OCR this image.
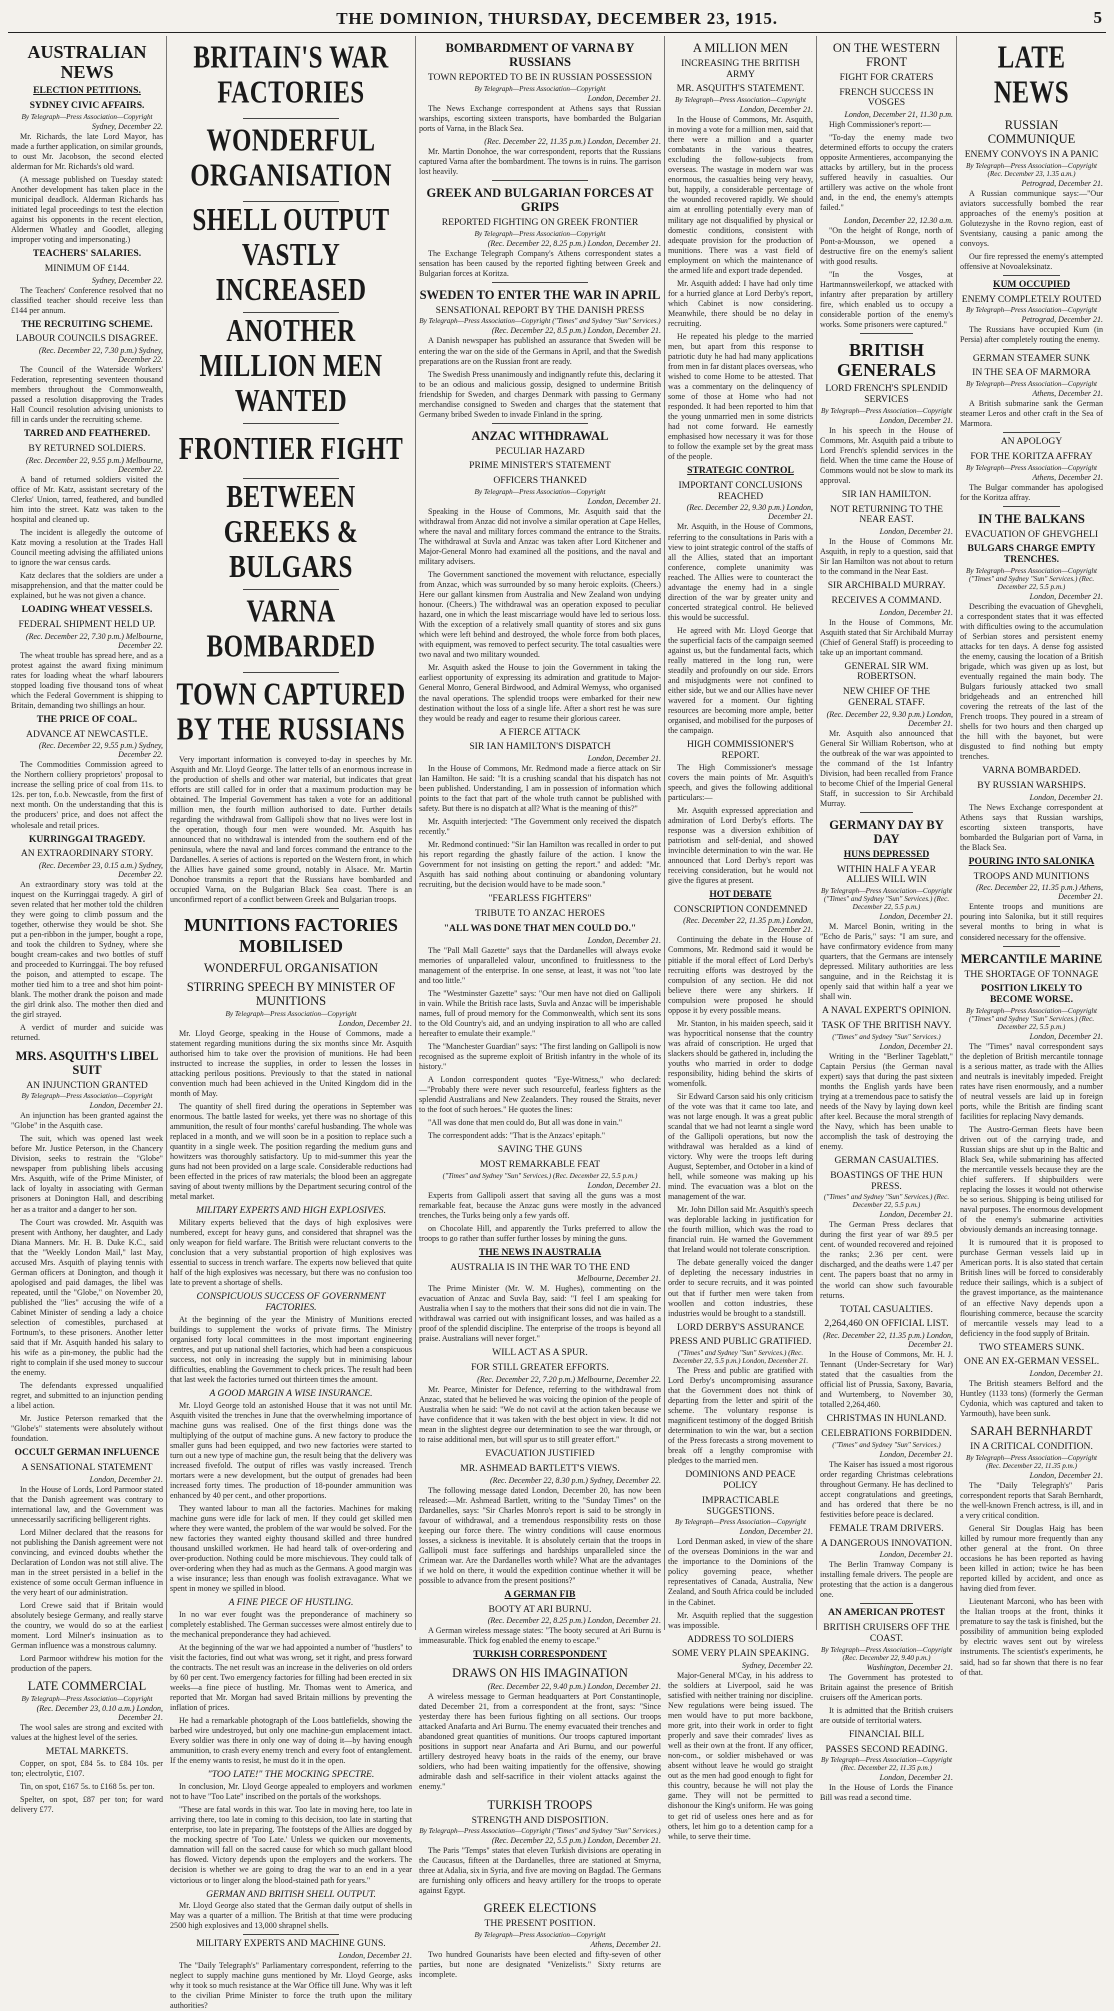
THE DOMINION, THURSDAY, DECEMBER 23, 1915.	5
AUSTRALIAN NEWS
ELECTION PETITIONS.
SYDNEY CIVIC AFFAIRS.
By Telegraph—Press Association—Copyright
Sydney, December 22.

Mr. Richards, the late Lord Mayor, has made a further application, on similar grounds, to oust Mr. Jacobson, the second elected alderman for Mr. Richards's old ward.

(A message published on Tuesday stated: Another development has taken place in the municipal deadlock. Alderman Richards has initiated legal proceedings to test the election against his opponents in the recent election, Aldermen Whatley and Goodlet, alleging improper voting and impersonating.)

TEACHERS' SALARIES.
MINIMUM OF £144.
Sydney, December 22.

The Teachers' Conference resolved that no classified teacher should receive less than £144 per annum.

THE RECRUITING SCHEME.
LABOUR COUNCILS DISAGREE.
(Rec. December 22, 7.30 p.m.) Sydney, December 22.

The Council of the Waterside Workers' Federation, representing seventeen thousand members throughout the Commonwealth, passed a resolution disapproving the Trades Hall Council resolution advising unionists to fill in cards under the recruiting scheme.

TARRED AND FEATHERED.
BY RETURNED SOLDIERS.
(Rec. December 22, 9.55 p.m.) Melbourne, December 22.

A band of returned soldiers visited the office of Mr. Katz, assistant secretary of the Clerks' Union, tarred, feathered, and bundled him into the street. Katz was taken to the hospital and cleaned up.

The incident is allegedly the outcome of Katz moving a resolution at the Trades Hall Council meeting advising the affiliated unions to ignore the war census cards.

Katz declares that the soldiers are under a misapprehension, and that the matter could be explained, but he was not given a chance.

LOADING WHEAT VESSELS.
FEDERAL SHIPMENT HELD UP.
(Rec. December 22, 7.30 p.m.) Melbourne, December 22.

The wheat trouble has spread here, and as a protest against the award fixing minimum rates for loading wheat the wharf labourers stopped loading five thousand tons of wheat which the Federal Government is shipping to Britain, demanding two shillings an hour.

THE PRICE OF COAL.
ADVANCE AT NEWCASTLE.
(Rec. December 22, 9.55 p.m.) Sydney, December 22.

The Commodities Commission agreed to the Northern colliery proprietors' proposal to increase the selling price of coal from 11s. to 12s. per ton, f.o.b. Newcastle, from the first of next month. On the understanding that this is the producers' price, and does not affect the wholesale and retail prices.

KURRINGGAI TRAGEDY.
AN EXTRAORDINARY STORY.
(Rec. December 23, 0.15 a.m.) Sydney, December 22.

An extraordinary story was told at the inquest on the Kurringgai tragedy. A girl of seven related that her mother told the children they were going to climb possum and the together, otherwise they would be shot. She put a pen-ribbon in the jumper, bought a rope, and took the children to Sydney, where she bought cream-cakes and two bottles of stuff and proceeded to Kurringgai. The boy refused the poison, and attempted to escape. The mother tied him to a tree and shot him point-blank. The mother drank the poison and made the girl drink also. The mother then died and the girl strayed.

A verdict of murder and suicide was returned.

MRS. ASQUITH'S LIBEL SUIT
AN INJUNCTION GRANTED
By Telegraph—Press Association—Copyright
London, December 21.

An injunction has been granted against the "Globe" in the Asquith case.

The suit, which was opened last week before Mr. Justice Peterson, in the Chancery Division, seeks to restrain the "Globe" newspaper from publishing libels accusing Mrs. Asquith, wife of the Prime Minister, of lack of loyalty in associating with German prisoners at Donington Hall, and describing her as a traitor and a danger to her son.

The Court was crowded. Mr. Asquith was present with Anthony, her daughter, and Lady Diana Manners. Mr. H. B. Duke K.C., said that the "Weekly London Mail," last May, accused Mrs. Asquith of playing tennis with German officers at Donington, and though it apologised and paid damages, the libel was repeated, until the "Globe," on November 20, published the "lies" accusing the wife of a Cabinet Minister of sending a lady a choice selection of comestibles, purchased at Fortnum's, to these prisoners. Another letter said that if Mr. Asquith handed his salary to his wife as a pin-money, the public had the right to complain if she used money to succour the enemy.

The defendants expressed unqualified regret, and submitted to an injunction pending a libel action.

Mr. Justice Peterson remarked that the "Globe's" statements were absolutely without foundation.

OCCULT GERMAN INFLUENCE
A SENSATIONAL STATEMENT
London, December 21.

In the House of Lords, Lord Parmoor stated that the Danish agreement was contrary to international law, and the Government was unnecessarily sacrificing belligerent rights.

Lord Milner declared that the reasons for not publishing the Danish agreement were not convincing, and evinced doubts whether the Declaration of London was not still alive. The man in the street persisted in a belief in the existence of some occult German influence in the very heart of our administration.

Lord Crewe said that if Britain would absolutely besiege Germany, and really starve the country, we would do so at the earliest moment. Lord Milner's insinuation as to German influence was a monstrous calumny.

Lord Parmoor withdrew his motion for the production of the papers.

LATE COMMERCIAL
By Telegraph—Press Association—Copyright
(Rec. December 23, 0.10 a.m.) London, December 21.

The wool sales are strong and excited with values at the highest level of the series.

METAL MARKETS.

Copper, on spot, £84 5s. to £84 10s. per ton; electrolytic, £107.

Tin, on spot, £167 5s. to £168 5s. per ton.

Spelter, on spot, £87 per ton; for ward delivery £77.

BRITAIN'S WAR FACTORIES
WONDERFUL ORGANISATION
SHELL OUTPUT VASTLY INCREASED
ANOTHER MILLION MEN WANTED
FRONTIER FIGHT
BETWEEN GREEKS & BULGARS
VARNA BOMBARDED
TOWN CAPTURED BY THE RUSSIANS

Very important information is conveyed to-day in speeches by Mr. Asquith and Mr. Lloyd George. The latter tells of an enormous increase in the production of shells and other war material, but indicates that great efforts are still called for in order that a maximum production may be obtained. The Imperial Government has taken a vote for an additional million men, the fourth million authorised to date. Further details regarding the withdrawal from Gallipoli show that no lives were lost in the operation, though four men were wounded. Mr. Asquith has announced that no withdrawal is intended from the southern end of the peninsula, where the naval and land forces command the entrance to the Dardanelles. A series of actions is reported on the Western front, in which the Allies have gained some ground, notably in Alsace. Mr. Martin Donohoe transmits a report that the Russians have bombarded and occupied Varna, on the Bulgarian Black Sea coast. There is an unconfirmed report of a conflict between Greek and Bulgarian troops.

MUNITIONS FACTORIES MOBILISED
WONDERFUL ORGANISATION
STIRRING SPEECH BY MINISTER OF MUNITIONS
By Telegraph—Press Association—Copyright
London, December 21.

Mr. Lloyd George, speaking in the House of Commons, made a statement regarding munitions during the six months since Mr. Asquith authorised him to take over the provision of munitions. He had been instructed to increase the supplies, in order to lessen the losses in attacking perilous positions. Previously to that the stated in national convention much had been achieved in the United Kingdom did in the month of May.

The quantity of shell fired during the operations in September was enormous. The battle lasted for weeks, yet there was no shortage of this ammunition, the result of four months' careful husbanding. The whole was replaced in a month, and we will soon be in a position to replace such a quantity in a single week. The position regarding the medium guns and howitzers was thoroughly satisfactory. Up to mid-summer this year the guns had not been provided on a large scale. Considerable reductions had been effected in the prices of raw materials; the blood been an aggregate saving of about twenty millions by the Department securing control of the metal market.

MILITARY EXPERTS AND HIGH EXPLOSIVES.

Military experts believed that the days of high explosives were numbered, except for heavy guns, and considered that shrapnel was the only weapon for field warfare. The British were reluctant converts to the conclusion that a very substantial proportion of high explosives was essential to success in trench warfare. The experts now believed that quite half of the high explosives was necessary, but there was no confusion too late to prevent a shortage of shells.

CONSPICUOUS SUCCESS OF GOVERNMENT FACTORIES.

At the beginning of the year the Ministry of Munitions erected buildings to supplement the works of private firms. The Ministry organised forty local committees in the most important engineering centres, and put up national shell factories, which had been a conspicuous success, not only in increasing the supply but in minimising labour difficulties, enabling the Government to check prices. The result had been that last week the factories turned out thirteen times the amount.

A GOOD MARGIN A WISE INSURANCE.

Mr. Lloyd George told an astonished House that it was not until Mr. Asquith visited the trenches in June that the overwhelming importance of machine guns was realised. One of the first things done was the multiplying of the output of machine guns. A new factory to produce the smaller guns had been equipped, and two new factories were started to turn out a new type of machine gun, the result being that the delivery was increased fivefold. The output of rifles was vastly increased. Trench mortars were a new development, but the output of grenades had been increased forty times. The production of 18-pounder ammunition was enhanced by 40 per cent., and other proportions.

They wanted labour to man all the factories. Machines for making machine guns were idle for lack of men. If they could get skilled men where they were wanted, the problem of the war would be solved. For the new factories they wanted eighty thousand skilled and three hundred thousand unskilled workmen. He had heard talk of over-ordering and over-production. Nothing could be more mischievous. They could talk of over-ordering when they had as much as the Germans. A good margin was a wise insurance; less than enough was foolish extravagance. What we spent in money we spilled in blood.

A FINE PIECE OF HUSTLING.

In no war ever fought was the preponderance of machinery so completely established. The German successes were almost entirely due to the mechanical preponderance they had achieved.

At the beginning of the war we had appointed a number of "hustlers" to visit the factories, find out what was wrong, set it right, and press forward the contracts. The net result was an increase in the deliveries on old orders by 60 per cent. Two emergency factories for filling had been erected in six weeks—a fine piece of hustling. Mr. Thomas went to America, and reported that Mr. Morgan had saved Britain millions by preventing the inflation of prices.

He had a remarkable photograph of the Loos battlefields, showing the barbed wire undestroyed, but only one machine-gun emplacement intact. Every soldier was there in only one way of doing it—by having enough ammunition, to crash every enemy trench and every foot of entanglement. If the enemy wants to resist, he must do it in the open.

"TOO LATE!" THE MOCKING SPECTRE.

In conclusion, Mr. Lloyd George appealed to employers and workmen not to have "Too Late" inscribed on the portals of the workshops.

"These are fatal words in this war. Too late in moving here, too late in arriving there, too late in coming to this decision, too late in starting that enterprise, too late in preparing. The footsteps of the Allies are dogged by the mocking spectre of 'Too Late.' Unless we quicken our movements, damnation will fall on the sacred cause for which so much gallant blood has flowed. Victory depends upon the employers and the workers. The decision is whether we are going to drag the war to an end in a year victorious or to linger along the blood-stained path for years."

GERMAN AND BRITISH SHELL OUTPUT.

Mr. Lloyd George also stated that the German daily output of shells in May was a quarter of a million. The British at that time were producing 2500 high explosives and 13,000 shrapnel shells.

MILITARY EXPERTS AND MACHINE GUNS.
London, December 21.

The "Daily Telegraph's" Parliamentary correspondent, referring to the neglect to supply machine guns mentioned by Mr. Lloyd George, asks why it took so much resistance at the War Office till June. Why was it left to the civilian Prime Minister to force the truth upon the military authorities?

BOMBARDMENT OF VARNA BY RUSSIANS
TOWN REPORTED TO BE IN RUSSIAN POSSESSION
By Telegraph—Press Association—Copyright
London, December 21.

The News Exchange correspondent at Athens says that Russian warships, escorting sixteen transports, have bombarded the Bulgarian ports of Varna, in the Black Sea.

(Rec. December 22, 11.35 p.m.) London, December 21.

Mr. Martin Donohoe, the war correspondent, reports that the Russians captured Varna after the bombardment. The towns is in ruins. The garrison lost heavily.

GREEK AND BULGARIAN FORCES AT GRIPS
REPORTED FIGHTING ON GREEK FRONTIER
By Telegraph—Press Association—Copyright
(Rec. December 22, 8.25 p.m.) London, December 21.

The Exchange Telegraph Company's Athens correspondent states a sensation has been caused by the reported fighting between Greek and Bulgarian forces at Koritza.

SWEDEN TO ENTER THE WAR IN APRIL
SENSATIONAL REPORT BY THE DANISH PRESS
By Telegraph—Press Association—Copyright ("Times" and Sydney "Sun" Services.)
(Rec. December 22, 8.5 p.m.) London, December 21.

A Danish newspaper has published an assurance that Sweden will be entering the war on the side of the Germans in April, and that the Swedish preparations are on the Russian front are ready.

The Swedish Press unanimously and indignantly refute this, declaring it to be an odious and malicious gossip, designed to undermine British friendship for Sweden, and charges Denmark with passing to Germany merchandise consigned to Sweden and charges that the statement that Germany bribed Sweden to invade Finland in the spring.

ANZAC WITHDRAWAL
PECULIAR HAZARD
PRIME MINISTER'S STATEMENT
OFFICERS THANKED
By Telegraph—Press Association—Copyright
London, December 21.

Speaking in the House of Commons, Mr. Asquith said that the withdrawal from Anzac did not involve a similar operation at Cape Helles, where the naval and military forces command the entrance to the Straits. The withdrawal at Suvla and Anzac was taken after Lord Kitchener and Major-General Monro had examined all the positions, and the naval and military advisers.

The Government sanctioned the movement with reluctance, especially from Anzac, which was surrounded by so many heroic exploits. (Cheers.) Here our gallant kinsmen from Australia and New Zealand won undying honour. (Cheers.) The withdrawal was an operation exposed to peculiar hazard, one in which the least miscarriage would have led to serious loss. With the exception of a relatively small quantity of stores and six guns which were left behind and destroyed, the whole force from both places, with equipment, was removed to perfect security. The total casualties were two naval and two military wounded.

Mr. Asquith asked the House to join the Government in taking the earliest opportunity of expressing its admiration and gratitude to Major-General Monro, General Birdwood, and Admiral Wemyss, who organised the naval operations. The splendid troops were embarked for their new destination without the loss of a single life. After a short rest he was sure they would be ready and eager to resume their glorious career.

A FIERCE ATTACK
SIR IAN HAMILTON'S DISPATCH
London, December 21.

In the House of Commons, Mr. Redmond made a fierce attack on Sir Ian Hamilton. He said: "It is a crushing scandal that his dispatch has not been published. Understanding, I am in possession of information which points to the fact that part of the whole truth cannot be published with safety. But there is no dispatch at all? What is the meaning of this?"

Mr. Asquith interjected: "The Government only received the dispatch recently."

Mr. Redmond continued: "Sir Ian Hamilton was recalled in order to put his report regarding the ghastly failure of the action. I know the Government for not insisting on getting the report." and added: "Mr. Asquith has said nothing about continuing or abandoning voluntary recruiting, but the decision would have to be made soon."

"FEARLESS FIGHTERS"
TRIBUTE TO ANZAC HEROES
"ALL WAS DONE THAT MEN COULD DO."
London, December 21.

The "Pall Mall Gazette" says that the Dardanelles will always evoke memories of unparalleled valour, unconfined to fruitlessness to the management of the enterprise. In one sense, at least, it was not "too late and too little."

The "Westminster Gazette" says: "Our men have not died on Gallipoli in vain. While the British race lasts, Suvla and Anzac will be imperishable names, full of proud memory for the Commonwealth, which sent its sons to the Old Country's aid, and an undying inspiration to all who are called hereafter to emulate their example."

The "Manchester Guardian" says: "The first landing on Gallipoli is now recognised as the supreme exploit of British infantry in the whole of its history."

A London correspondent quotes "Eye-Witness," who declared:—"Probably there were never such resourceful, fearless fighters as the splendid Australians and New Zealanders. They roused the Straits, never to the foot of such heroes." He quotes the lines:

"All was done that men could do, But all was done in vain."

The correspondent adds: "That is the Anzacs' epitaph."

SAVING THE GUNS
MOST REMARKABLE FEAT
("Times" and Sydney "Sun" Services.) (Rec. December 22, 5.5 p.m.)
London, December 21.

Experts from Gallipoli assert that saving all the guns was a most remarkable feat, because the Anzac guns were mostly in the advanced trenches, the Turks being only a few yards off.

on Chocolate Hill, and apparently the Turks preferred to allow the troops to go rather than suffer further losses by mining the guns.

THE NEWS IN AUSTRALIA
AUSTRALIA IS IN THE WAR TO THE END
Melbourne, December 21.

The Prime Minister (Mr. W. M. Hughes), commenting on the evacuation of Anzac and Suvla Bay, said: "I feel I am speaking for Australia when I say to the mothers that their sons did not die in vain. The withdrawal was carried out with insignificant losses, and was hailed as a proof of the splendid discipline. The enterprise of the troops is beyond all praise. Australians will never forget."

WILL ACT AS A SPUR.
FOR STILL GREATER EFFORTS.
(Rec. December 22, 7.20 p.m.) Melbourne, December 22.

Mr. Pearce, Minister for Defence, referring to the withdrawal from Anzac, stated that he believed he was voicing the opinion of the people of Australia when he said: "We do not cavil at the action taken because we have confidence that it was taken with the best object in view. It did not mean in the slightest degree our determination to see the war through, or to raise additional men, but will spur us to still greater effort."

EVACUATION JUSTIFIED
MR. ASHMEAD BARTLETT'S VIEWS.
(Rec. December 22, 8.30 p.m.) Sydney, December 22.

The following message dated London, December 20, has now been released:—Mr. Ashmead Bartlett, writing to the "Sunday Times" on the Dardanelles, says: "Sir Charles Monro's report is said to be strongly in favour of withdrawal, and a tremendous responsibility rests on those keeping our force there. The wintry conditions will cause enormous losses, a sickness is inevitable. It is absolutely certain that the troops in Gallipoli must face sufferings and hardships unparalleled since the Crimean war. Are the Dardanelles worth while? What are the advantages if we hold on there, it would the expedition continue whether it will be possible to advance from the present positions?"

A GERMAN FIB
BOOTY AT ARI BURNU.
(Rec. December 22, 8.25 p.m.) London, December 21.

A German wireless message states: "The booty secured at Ari Burnu is immeasurable. Thick fog enabled the enemy to escape."

TURKISH CORRESPONDENT
DRAWS ON HIS IMAGINATION
(Rec. December 22, 9.40 p.m.) London, December 21.

A wireless message to German headquarters at Port Constantinople, dated December 21, from a correspondent at the front, says: "Since yesterday there has been furious fighting on all sections. Our troops attacked Anafarta and Ari Burnu. The enemy evacuated their trenches and abandoned great quantities of munitions. Our troops captured important positions in support near Anafarta and Ari Burnu, and our powerful artillery destroyed heavy boats in the raids of the enemy, our brave soldiers, who had been waiting impatiently for the offensive, showing admirable dash and self-sacrifice in their violent attacks against the enemy."

TURKISH TROOPS
STRENGTH AND DISPOSITION.
By Telegraph—Press Association—Copyright ("Times" and Sydney "Sun" Services.)
(Rec. December 22, 5.5 p.m.) London, December 21.

The Paris "Temps" states that eleven Turkish divisions are operating in the Caucasus, fifteen at the Dardanelles, three are stationed at Smyrna, three at Adalia, six in Syria, and five are moving on Bagdad. The Germans are furnishing only officers and heavy artillery for the troops to operate against Egypt.

GREEK ELECTIONS
THE PRESENT POSITION.
By Telegraph—Press Association—Copyright
Athens, December 21.

Two hundred Gounarists have been elected and fifty-seven of other parties, but none are designated "Venizelists." Sixty returns are incomplete.

A MILLION MEN
INCREASING THE BRITISH ARMY
MR. ASQUITH'S STATEMENT.
By Telegraph—Press Association—Copyright
London, December 21.

In the House of Commons, Mr. Asquith, in moving a vote for a million men, said that there were a million and a quarter combatants in the various theatres, excluding the follow-subjects from overseas. The wastage in modern war was enormous, the casualties being very heavy, but, happily, a considerable percentage of the wounded recovered rapidly. We should aim at enrolling potentially every man of military age not disqualified by physical or domestic conditions, consistent with adequate provision for the production of munitions. There was a vast field of employment on which the maintenance of the armed life and export trade depended.

Mr. Asquith added: I have had only time for a hurried glance at Lord Derby's report, which Cabinet is now considering. Meanwhile, there should be no delay in recruiting.

He repeated his pledge to the married men, but apart from this response to patriotic duty he had had many applications from men in far distant places overseas, who wished to come Home to be attested. That was a commentary on the delinquency of some of those at Home who had not responded. It had been reported to him that the young unmarried men in some districts had not come forward. He earnestly emphasised how necessary it was for those to follow the example set by the great mass of the people.

STRATEGIC CONTROL
IMPORTANT CONCLUSIONS REACHED
(Rec. December 22, 9.30 p.m.) London, December 21.

Mr. Asquith, in the House of Commons, referring to the consultations in Paris with a view to joint strategic control of the staffs of all the Allies, stated that an important conference, complete unanimity was reached. The Allies were to counteract the advantage the enemy had in a single direction of the war by greater unity and concerted strategical control. He believed this would be successful.

He agreed with Mr. Lloyd George that the superficial facts of the campaign seemed against us, but the fundamental facts, which really mattered in the long run, were steadily and profoundly on our side. Errors and misjudgments were not confined to either side, but we and our Allies have never wavered for a moment. Our fighting resources are becoming more ample, better organised, and mobilised for the purposes of the campaign.

HIGH COMMISSIONER'S REPORT.

The High Commissioner's message covers the main points of Mr. Asquith's speech, and gives the following additional particulars:—

Mr. Asquith expressed appreciation and admiration of Lord Derby's efforts. The response was a diversion exhibition of patriotism and self-denial, and showed invincible determination to win the war. He announced that Lord Derby's report was receiving consideration, but he would not give the figures at present.

HOT DEBATE
CONSCRIPTION CONDEMNED
(Rec. December 22, 11.35 p.m.) London, December 21.

Continuing the debate in the House of Commons, Mr. Redmond said it would be pitiable if the moral effect of Lord Derby's recruiting efforts was destroyed by the compulsion of any section. He did not believe there were any shirkers. If compulsion were proposed he should oppose it by every possible means.

Mr. Stanton, in his maiden speech, said it was hypocritical nonsense that the country was afraid of conscription. He urged that slackers should be gathered in, including the youths who married in order to dodge responsibility, hiding behind the skirts of womenfolk.

Sir Edward Carson said his only criticism of the vote was that it came too late, and was not large enough. It was a great public scandal that we had not learnt a single word of the Gallipoli operations, but now the withdrawal was heralded as a kind of victory. Why were the troops left during August, September, and October in a kind of hell, while someone was making up his mind. The evacuation was a blot on the management of the war.

Mr. John Dillon said Mr. Asquith's speech was deplorable lacking in justification for the fourth million, which was the road to financial ruin. He warned the Government that Ireland would not tolerate conscription.

The debate generally voiced the danger of depleting the necessary industries in order to secure recruits, and it was pointed out that if further men were taken from woollen and cotton industries, these industries would be brought to a standstill.

LORD DERBY'S ASSURANCE
PRESS AND PUBLIC GRATIFIED.
("Times" and Sydney "Sun" Services.) (Rec. December 22, 5.5 p.m.) London, December 21.

The Press and public are gratified with Lord Derby's uncompromising assurance that the Government does not think of departing from the letter and spirit of the scheme. The voluntary response is magnificent testimony of the dogged British determination to win the war, but a section of the Press forecasts a strong movement to break off a lengthy compromise with pledges to the married men.

DOMINIONS AND PEACE POLICY
IMPRACTICABLE SUGGESTIONS.
By Telegraph—Press Association—Copyright
London, December 21.

Lord Denman asked, in view of the share of the overseas Dominions in the war and the importance to the Dominions of the policy governing peace, whether representatives of Canada, Australia, New Zealand, and South Africa could be included in the Cabinet.

Mr. Asquith replied that the suggestion was impossible.

ADDRESS TO SOLDIERS
SOME VERY PLAIN SPEAKING.
Sydney, December 22.

Major-General M'Cay, in his address to the soldiers at Liverpool, said he was satisfied with neither training nor discipline. New regulations were being issued. The men would have to put more backbone, more grit, into their work in order to fight properly and save their comrades' lives as well as their own at the front. If any officer, non-com., or soldier misbehaved or was absent without leave he would go straight out as the men had good enough to fight for this country, because he will not play the game. They will not be permitted to dishonour the King's uniform. He was going to get rid of useless ones here and as for others, let him go to a detention camp for a while, to serve their time.

ON THE WESTERN FRONT
FIGHT FOR CRATERS
FRENCH SUCCESS IN VOSGES
London, December 21, 11.30 p.m.

High Commissioner's report:—

"To-day the enemy made two determined efforts to occupy the craters opposite Armentieres, accompanying the attacks by artillery, but in the process suffered heavily in casualties. Our artillery was active on the whole front and, in the end, the enemy's attempts failed."

London, December 22, 12.30 a.m.

"On the height of Ronge, north of Pont-a-Mousson, we opened a destructive fire on the enemy's salient with good results.

"In the Vosges, at Hartmannsweilerkopf, we attacked with infantry after preparation by artillery fire, which enabled us to occupy a considerable portion of the enemy's works. Some prisoners were captured."

BRITISH GENERALS
LORD FRENCH'S SPLENDID SERVICES
By Telegraph—Press Association—Copyright
London, December 21.

In his speech in the House of Commons, Mr. Asquith paid a tribute to Lord French's splendid services in the field. When the time came the House of Commons would not be slow to mark its approval.

SIR IAN HAMILTON.
NOT RETURNING TO THE NEAR EAST.
London, December 21.

In the House of Commons Mr. Asquith, in reply to a question, said that Sir Ian Hamilton was not about to return to the command in the Near East.

SIR ARCHIBALD MURRAY.
RECEIVES A COMMAND.
London, December 21.

In the House of Commons, Mr. Asquith stated that Sir Archibald Murray (Chief of General Staff) is proceeding to take up an important command.

GENERAL SIR WM. ROBERTSON.
NEW CHIEF OF THE GENERAL STAFF.
(Rec. December 22, 9.30 p.m.) London, December 21.

Mr. Asquith also announced that General Sir William Robertson, who at the outbreak of the war was appointed to the command of the 1st Infantry Division, had been recalled from France to become Chief of the Imperial General Staff, in succession to Sir Archibald Murray.

GERMANY DAY BY DAY
HUNS DEPRESSED
WITHIN HALF A YEAR ALLIES WILL WIN
By Telegraph—Press Association—Copyright ("Times" and Sydney "Sun" Services.) (Rec. December 22, 5.5 p.m.)
London, December 21.

M. Marcel Bonin, writing in the "Echo de Paris," says: "I am sure, and have confirmatory evidence from many quarters, that the Germans are intensely depressed. Military authorities are less sanguine, and in the Reichstag it is openly said that within half a year we shall win.

A NAVAL EXPERT'S OPINION.
TASK OF THE BRITISH NAVY.
("Times" and Sydney "Sun" Services.)
London, December 21.

Writing in the "Berliner Tageblatt," Captain Persius (the German naval expert) says that during the past sixteen months the English yards have been trying at a tremendous pace to satisfy the needs of the Navy by laying down keel after keel. Because the moral strength of the Navy, which has been unable to accomplish the task of destroying the enemy.

GERMAN CASUALTIES.
BOASTINGS OF THE HUN PRESS.
("Times" and Sydney "Sun" Services.) (Rec. December 22, 5.5 p.m.)
London, December 21.

The German Press declares that during the first year of war 89.5 per cent. of wounded recovered and rejoined the ranks; 2.36 per cent. were discharged, and the deaths were 1.47 per cent. The papers boast that no army in the world can show such favourable returns.

TOTAL CASUALTIES.
2,264,460 ON OFFICIAL LIST.
(Rec. December 22, 11.35 p.m.) London, December 21.

In the House of Commons, Mr. H. J. Tennant (Under-Secretary for War) stated that the casualties from the official list of Prussia, Saxony, Bavaria, and Wurtemberg, to November 30, totalled 2,264,460.

CHRISTMAS IN HUNLAND.
CELEBRATIONS FORBIDDEN.
("Times" and Sydney "Sun" Services.)
London, December 21.

The Kaiser has issued a most rigorous order regarding Christmas celebrations throughout Germany. He has declined to accept congratulations and greetings, and has ordered that there be no festivities before peace is declared.

FEMALE TRAM DRIVERS.
A DANGEROUS INNOVATION.
London, December 21.

The Berlin Tramway Company is installing female drivers. The people are protesting that the action is a dangerous one.

AN AMERICAN PROTEST
BRITISH CRUISERS OFF THE COAST.
By Telegraph—Press Association—Copyright (Rec. December 22, 9.40 p.m.)
Washington, December 21.

The Government has protested to Britain against the presence of British cruisers off the American ports.

It is admitted that the British cruisers are outside of territorial waters.

FINANCIAL BILL
PASSES SECOND READING.
By Telegraph—Press Association—Copyright (Rec. December 22, 11.35 p.m.)
London, December 21.

In the House of Lords the Finance Bill was read a second time.

LATE NEWS
RUSSIAN COMMUNIQUE
ENEMY CONVOYS IN A PANIC
By Telegraph—Press Association—Copyright (Rec. December 23, 1.35 a.m.)
Petrograd, December 21.

A Russian communique says:—"Our aviators successfully bombed the rear approaches of the enemy's position at Golutezyshe in the Rovno region, east of Sventsiany, causing a panic among the convoys.

Our fire repressed the enemy's attempted offensive at Novoaleksinatz.

KUM OCCUPIED
ENEMY COMPLETELY ROUTED
By Telegraph—Press Association—Copyright
Petrograd, December 21.

The Russians have occupied Kum (in Persia) after completely routing the enemy.

GERMAN STEAMER SUNK
IN THE SEA OF MARMORA
By Telegraph—Press Association—Copyright
Athens, December 21.

A British submarine sank the German steamer Leros and other craft in the Sea of Marmora.

AN APOLOGY
FOR THE KORITZA AFFRAY
By Telegraph—Press Association—Copyright
Athens, December 21.

The Bulgar commander has apologised for the Koritza affray.

IN THE BALKANS
EVACUATION OF GHEVGHELI
BULGARS CHARGE EMPTY TRENCHES.
By Telegraph—Press Association—Copyright ("Times" and Sydney "Sun" Services.) (Rec. December 22, 5.5 p.m.)
London, December 21.

Describing the evacuation of Ghevgheli, a correspondent states that it was effected with difficulties owing to the accumulation of Serbian stores and persistent enemy attacks for ten days. A dense fog assisted the enemy, causing the location of a British brigade, which was given up as lost, but eventually regained the main body. The Bulgars furiously attacked two small bridgeheads and an entrenched hill covering the retreats of the last of the French troops. They poured in a stream of shells for two hours and then charged up the hill with the bayonet, but were disgusted to find nothing but empty trenches.

VARNA BOMBARDED.
BY RUSSIAN WARSHIPS.
London, December 21.

The News Exchange correspondent at Athens says that Russian warships, escorting sixteen transports, have bombarded the Bulgarian port of Varna, in the Black Sea.

POURING INTO SALONIKA
TROOPS AND MUNITIONS
(Rec. December 22, 11.35 p.m.) Athens, December 21.

Entente troops and munitions are pouring into Salonika, but it still requires several months to bring in what is considered necessary for the offensive.

MERCANTILE MARINE
THE SHORTAGE OF TONNAGE
POSITION LIKELY TO BECOME WORSE.
By Telegraph—Press Association—Copyright ("Times" and Sydney "Sun" Services.) (Rec. December 22, 5.5 p.m.)
London, December 21.

The "Times" naval correspondent says the depletion of British mercantile tonnage is a serious matter, as trade with the Allies and neutrals is inevitably impeded. Freight rates have risen enormously, and a number of neutral vessels are laid up in foreign ports, while the British are finding scant facilities for replacing Navy demands.

The Austro-German fleets have been driven out of the carrying trade, and Russian ships are shut up in the Baltic and Black Sea, while submarining has affected the mercantile vessels because they are the chief sufferers. If shipbuilders were replacing the losses it would not otherwise be so serious. Shipping is being utilised for naval purposes. The enormous development of the enemy's submarine activities obviously demands an increasing tonnage.

It is rumoured that it is proposed to purchase German vessels laid up in American ports. It is also stated that certain British lines will be forced to considerably reduce their sailings, which is a subject of the gravest importance, as the maintenance of an effective Navy depends upon a flourishing commerce, because the scarcity of mercantile vessels may lead to a deficiency in the food supply of Britain.

TWO STEAMERS SUNK.
ONE AN EX-GERMAN VESSEL.
London, December 21.

The British steamers Belford and the Huntley (1133 tons) (formerly the German Cydonia, which was captured and taken to Yarmouth), have been sunk.

SARAH BERNHARDT
IN A CRITICAL CONDITION.
By Telegraph—Press Association—Copyright (Rec. December 22, 11.35 p.m.)
London, December 21.

The "Daily Telegraph's" Paris correspondent reports that Sarah Bernhardt, the well-known French actress, is ill, and in a very critical condition.

General Sir Douglas Haig has been killed by rumour more frequently than any other general at the front. On three occasions he has been reported as having been killed in action; twice he has been reported killed by accident, and once as having died from fever.

Lieutenant Marconi, who has been with the Italian troops at the front, thinks it premature to say the task is finished, but the possibility of ammunition being exploded by electric waves sent out by wireless instruments. The scientist's experiments, he said, had so far shown that there is no fear of that.
